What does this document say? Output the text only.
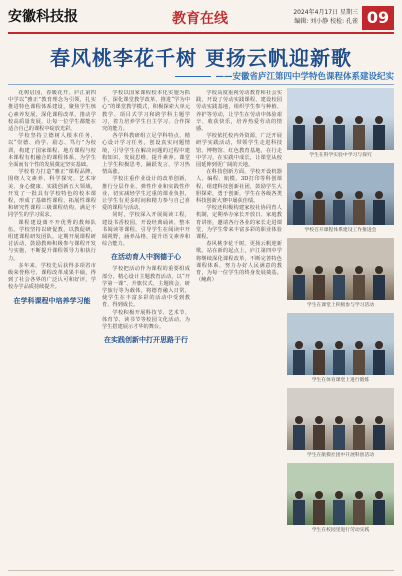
安徽科技报	教育在线	2024年4月17日 星期三
编辑: 刘小静 校检: 孔雀 09
春风桃李花千树 更扬云帆迎新歌
——安徽省庐江第四中学特色课程体系建设纪实

花树启园，春暖花开。庐江第四中学以“雅正”教育理念为引领，扎实推进特色课程体系建设，聚焦学生核心素养发展，深化课程改革，推动学校高质量发展，让每一位学生都能在适合自己的课程中绽放光彩。

学校坚持立德树人根本任务，以“崇德、尚学、励志、笃行”为校训，构建了国家课程、地方课程与校本课程有机融合的课程体系，为学生全面而有个性的发展奠定坚实基础。

学校着力打造“雅正”课程品牌，围绕人文素养、科学探究、艺术审美、身心健康、实践创新五大领域，开发了一批具有学校特色的校本课程，形成了基础性课程、拓展性课程和研究性课程三级课程结构，满足不同学生的学习需求。

课程建设离不开优秀的教师队伍。学校坚持以研促教，以教促研，组建课程研发团队，定期开展课程研讨活动，鼓励教师积极参与课程开发与实施，不断提升课程领导力和执行力。

多年来，学校先后获得多项省市级荣誉称号，课程改革成果丰硕，得到了社会各界的广泛认可和好评，学校办学品质持续提升。

在学科课程中培养学习能

学校以国家课程校本化实施为抓手，深化课堂教学改革，推进“学为中心”的课堂教学模式，积极探索大单元教学、项目式学习和跨学科主题学习，着力培养学生自主学习、合作探究的能力。

各学科教研组立足学科特点，精心设计学习任务，创设真实问题情境，引导学生在解决问题的过程中建构知识、发展思维、提升素养。课堂上学生积极思考，踊跃发言，学习热情高涨。

学校注重作业设计的改革创新，推行分层作业、弹性作业和实践性作业，切实减轻学生过重的课业负担，让学生有更多时间和精力参与自己喜爱的课程与活动。

同时，学校深入开展阅读工程，建设书香校园，开设经典诵读、整本书阅读等课程，引导学生在阅读中开阔视野，涵养品格，提升语文素养和综合能力。

在活动育人中润德于心

学校把活动作为课程的重要组成部分，精心设计主题教育活动，以“开学第一课”、升旗仪式、主题班会、研学旅行等为载体，将德育融入日常，使学生在丰富多彩的活动中受到教育、得到成长。

学校积极开展科技节、艺术节、体育节、读书节等校园文化活动，为学生搭建展示才华的舞台。

在实践创新中打开思路于行

学校高度重视劳动教育和社会实践，开设了劳动实践课程，建设校园劳动实践基地，组织学生参与种植、养护等劳动，让学生在劳动中体验艰辛、收获快乐，培养热爱劳动的情感。

学校依托校内外资源，广泛开展研学实践活动，带领学生走进科技馆、博物馆、红色教育基地，在行走中学习，在实践中成长，让课堂从校园延伸到更广阔的天地。

在科技创新方面，学校开设机器人、编程、航模、3D打印等科创课程，组建科技创新社团，鼓励学生大胆探索，勇于创新，学生在各级各类科技创新大赛中屡获佳绩。

学校还积极构建家校社协同育人机制，定期举办家长开放日、家庭教育讲座，邀请各行各业的家长走进课堂，为学生带来丰富多彩的职业体验课程。

春风桃李花千树，更扬云帆迎新歌。站在新的起点上，庐江第四中学将继续深化课程改革，不断完善特色课程体系，努力办好人民满意的教育，为每一位学生的终身发展奠基。（鲍莉）

学生在科学实验中学习与探究
学校召开课程体系建设工作推进会
学生在课堂上积极参与学习活动
学生在体育课堂上进行锻炼
学生在航模社团中开展科创活动
学生在校园里进行劳动实践
